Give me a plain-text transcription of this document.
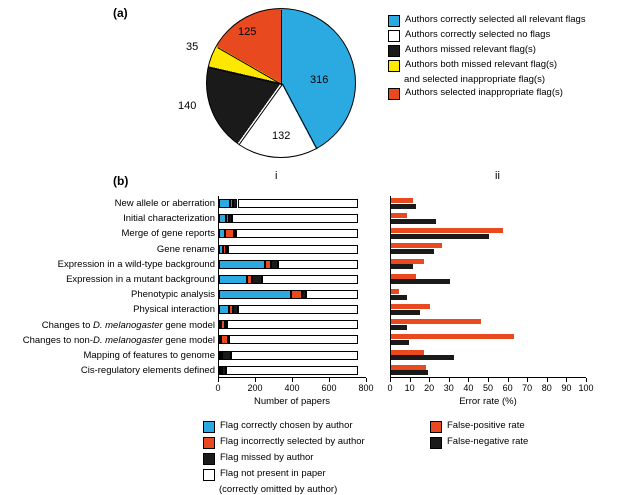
(a)
316
132
140
35
125
Authors correctly selected all relevant flags
Authors correctly selected no flags
Authors missed relevant flag(s)
Authors both missed relevant flag(s)
and selected inappropriate flag(s)
Authors selected inappropriate flag(s)
(b)	i	ii
New allele or aberration
Initial characterization
Merge of gene reports
Gene rename
Expression in a wild-type background
Expression in a mutant background
Phenotypic analysis
Physical interaction
Changes to D. melanogaster gene model
Changes to non-D. melanogaster gene model
Mapping of features to genome
Cis-regulatory elements defined
0	200 400 600 800
Number of papers
0 10 20 30 40 50 60 70 80 90 100
Error rate (%)
Flag correctly chosen by author
Flag incorrectly selected by author
Flag missed by author
Flag not present in paper
(correctly omitted by author)
False-positive rate
False-negative rate
